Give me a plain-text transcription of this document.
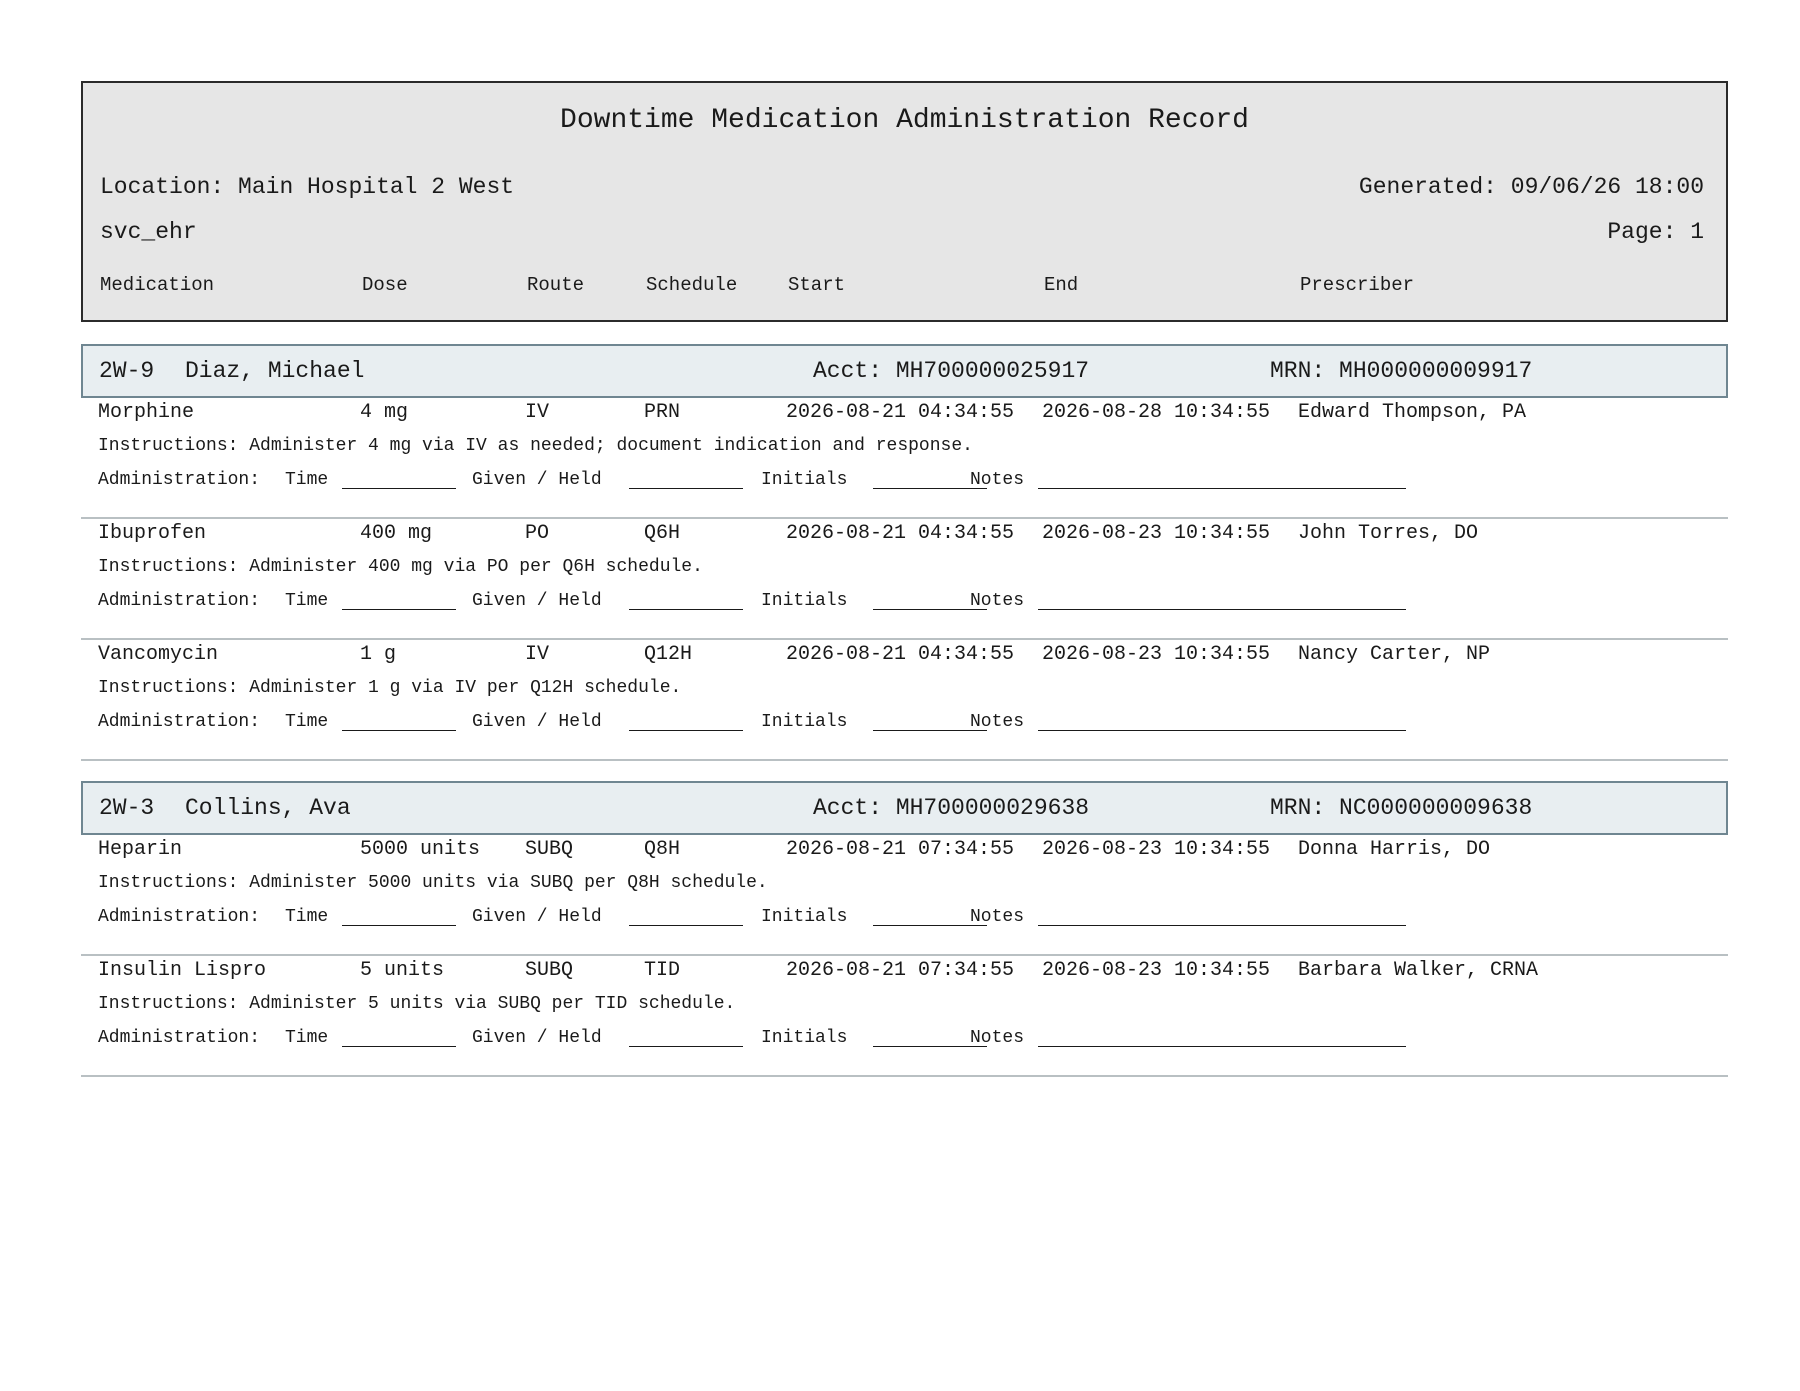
Downtime Medication Administration Record
Location: Main Hospital 2 West	Generated: 09/06/26 18:00
svc_ehr	Page: 1
Medication	Dose	Route	Schedule	Start	End	Prescriber
2W-9 Diaz, Michael	Acct: MH700000025917	MRN: MH000000009917
Morphine	4 mg	IV	PRN	2026-08-21 04:34:55 2026-08-28 10:34:55 Edward Thompson, PA
Instructions: Administer 4 mg via IV as needed; document indication and response.
Administration: Time	Given / Held	Initials	Notes
Ibuprofen	400 mg	PO	Q6H	2026-08-21 04:34:55 2026-08-23 10:34:55 John Torres, DO
Instructions: Administer 400 mg via PO per Q6H schedule.
Administration: Time	Given / Held	Initials	Notes
Vancomycin	1 g	IV	Q12H	2026-08-21 04:34:55 2026-08-23 10:34:55 Nancy Carter, NP
Instructions: Administer 1 g via IV per Q12H schedule.
Administration: Time	Given / Held	Initials	Notes
2W-3 Collins, Ava	Acct: MH700000029638	MRN: NC000000009638
Heparin	5000 units SUBQ	Q8H	2026-08-21 07:34:55 2026-08-23 10:34:55 Donna Harris, DO
Instructions: Administer 5000 units via SUBQ per Q8H schedule.
Administration: Time	Given / Held	Initials	Notes
Insulin Lispro	5 units	SUBQ	TID	2026-08-21 07:34:55 2026-08-23 10:34:55 Barbara Walker, CRNA
Instructions: Administer 5 units via SUBQ per TID schedule.
Administration: Time	Given / Held	Initials	Notes
